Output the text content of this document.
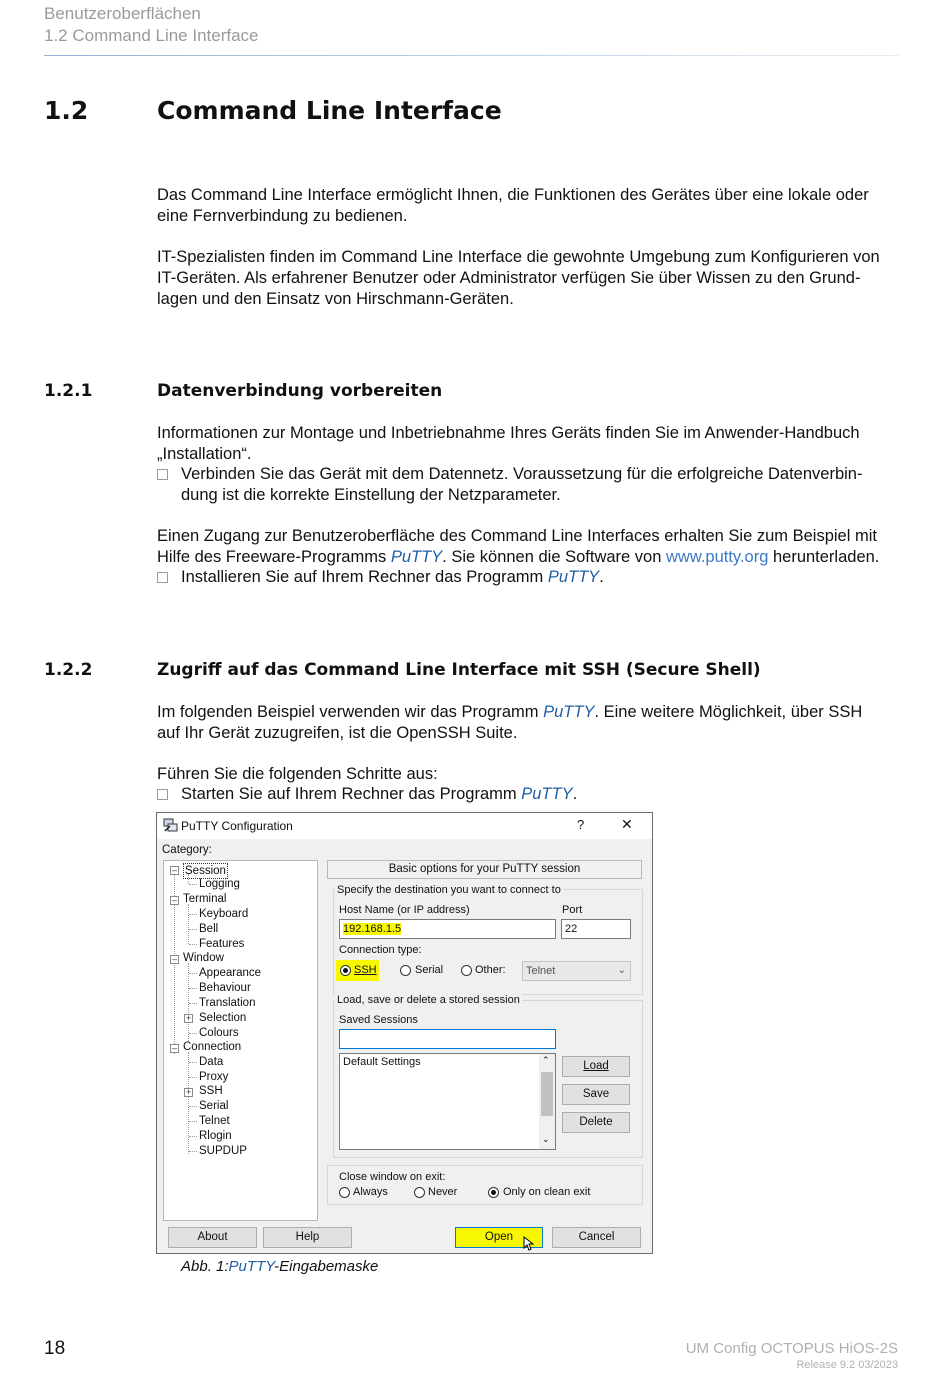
Benutzeroberflächen
1.2 Command Line Interface
1.2	Command Line Interface
Das Command Line Interface ermöglicht Ihnen, die Funktionen des Gerätes über eine lokale oder
eine Fernverbindung zu bedienen.
IT-Spezialisten finden im Command Line Interface die gewohnte Umgebung zum Konfigurieren von
IT-Geräten. Als erfahrener Benutzer oder Administrator verfügen Sie über Wissen zu den Grund-
lagen und den Einsatz von Hirschmann-Geräten.
1.2.1	Datenverbindung vorbereiten
Informationen zur Montage und Inbetriebnahme Ihres Geräts finden Sie im Anwender-Handbuch
„Installation“.
Verbinden Sie das Gerät mit dem Datennetz. Voraussetzung für die erfolgreiche Datenverbin-
dung ist die korrekte Einstellung der Netzparameter.
Einen Zugang zur Benutzeroberfläche des Command Line Interfaces erhalten Sie zum Beispiel mit
Hilfe des Freeware-Programms PuTTY. Sie können die Software von www.putty.org herunterladen.
Installieren Sie auf Ihrem Rechner das Programm PuTTY.
1.2.2	Zugriff auf das Command Line Interface mit SSH (Secure Shell)
Im folgenden Beispiel verwenden wir das Programm PuTTY. Eine weitere Möglichkeit, über SSH
auf Ihr Gerät zuzugreifen, ist die OpenSSH Suite.
Führen Sie die folgenden Schritte aus:
Starten Sie auf Ihrem Rechner das Programm PuTTY.
PuTTY Configuration	?	✕
Category:
– Session
Logging
– Terminal
Keyboard
Bell
Features
– Window
Appearance
Behaviour
Translation
+ Selection
Colours
– Connection
Data
Proxy
+ SSH
Serial
Telnet
Rlogin
SUPDUP
Basic options for your PuTTY session
Specify the destination you want to connect to
Host Name (or IP address)
192.168.1.5
Port
22
Connection type:
SSH	Serial	Other:	Telnet	⌄
Load, save or delete a stored session
Saved Sessions
Default Settings	⌃
⌄
Load
Save
Delete
Close window on exit:
Always	Never	Only on clean exit
About	Help	Open	Cancel
Abb. 1:PuTTY-Eingabemaske
18	UM Config OCTOPUS HiOS-2S
Release 9.2 03/2023
